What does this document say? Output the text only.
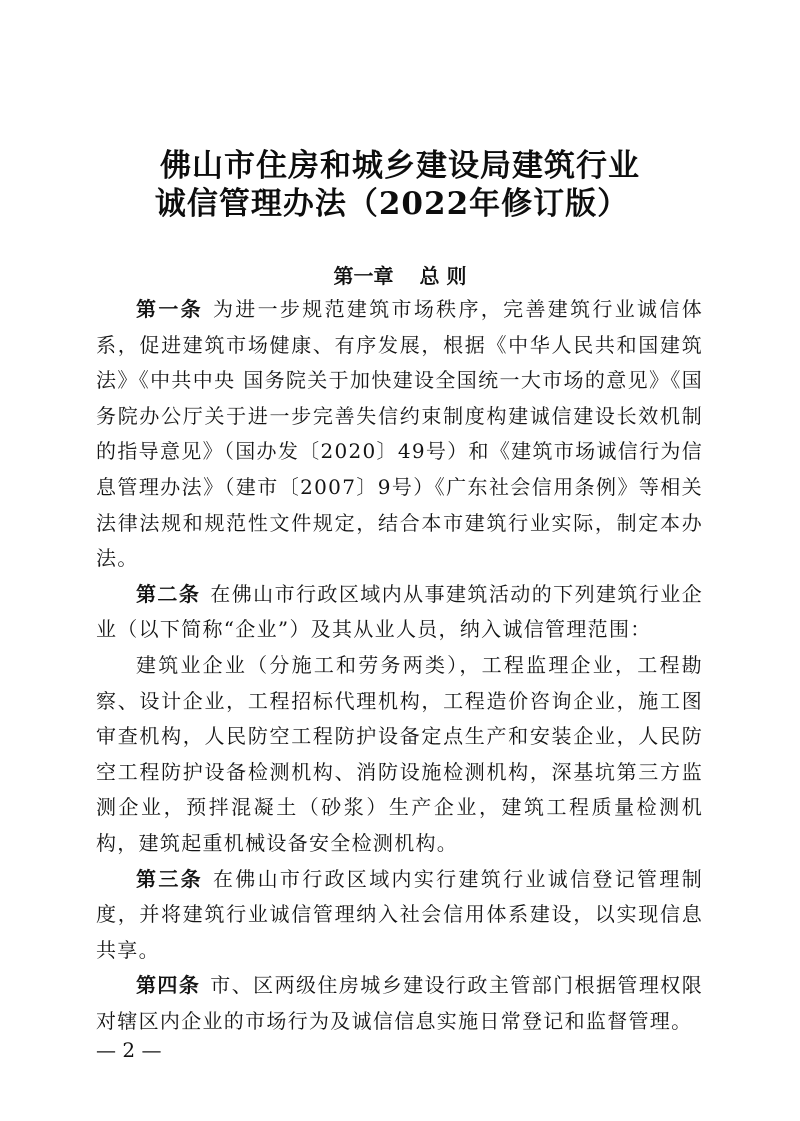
佛山市住房和城乡建设局建筑行业
诚信管理办法（2022年修订版）
第一章 总 则

第一条 为进一步规范建筑市场秩序，完善建筑行业诚信体系，促进建筑市场健康、有序发展，根据《中华人民共和国建筑法》《中共中央 国务院关于加快建设全国统一大市场的意见》《国务院办公厅关于进一步完善失信约束制度构建诚信建设长效机制的指导意见》（国办发〔2020〕49号）和《建筑市场诚信行为信息管理办法》（建市〔2007〕9号）《广东社会信用条例》等相关法律法规和规范性文件规定，结合本市建筑行业实际，制定本办法。

第二条 在佛山市行政区域内从事建筑活动的下列建筑行业企业（以下简称“企业”）及其从业人员，纳入诚信管理范围：

建筑业企业（分施工和劳务两类），工程监理企业，工程勘察、设计企业，工程招标代理机构，工程造价咨询企业，施工图审查机构，人民防空工程防护设备定点生产和安装企业，人民防空工程防护设备检测机构、消防设施检测机构，深基坑第三方监测企业，预拌混凝土（砂浆）生产企业，建筑工程质量检测机构，建筑起重机械设备安全检测机构。

第三条 在佛山市行政区域内实行建筑行业诚信登记管理制度，并将建筑行业诚信管理纳入社会信用体系建设，以实现信息共享。

第四条 市、区两级住房城乡建设行政主管部门根据管理权限对辖区内企业的市场行为及诚信信息实施日常登记和监督管理。

— 2 —
